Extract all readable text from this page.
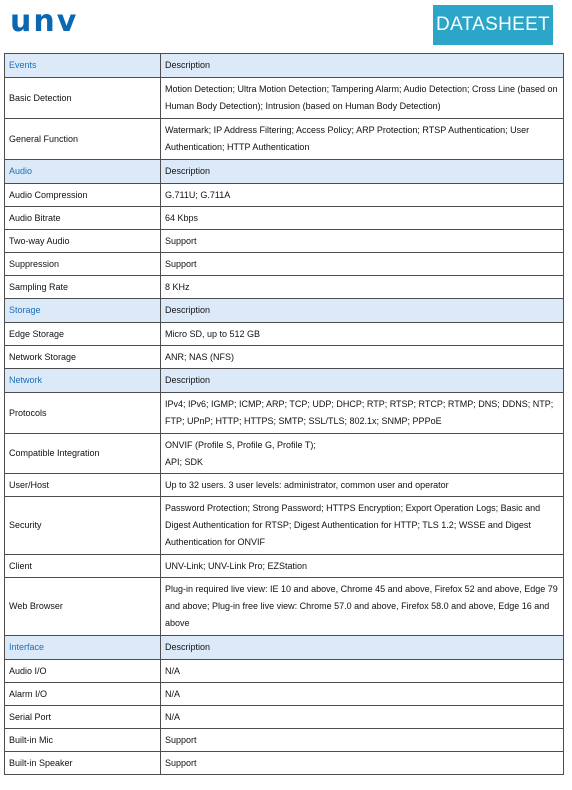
unv	DATASHEET
Events	Description
Basic Detection	Motion Detection; Ultra Motion Detection; Tampering Alarm; Audio Detection; Cross Line (based on Human Body Detection); Intrusion (based on Human Body Detection)
General Function	Watermark; IP Address Filtering; Access Policy; ARP Protection; RTSP Authentication; User Authentication; HTTP Authentication
Audio	Description
Audio Compression	G.711U; G.711A
Audio Bitrate	64 Kbps
Two-way Audio	Support
Suppression	Support
Sampling Rate	8 KHz
Storage	Description
Edge Storage	Micro SD, up to 512 GB
Network Storage	ANR; NAS (NFS)
Network	Description
Protocols	IPv4; IPv6; IGMP; ICMP; ARP; TCP; UDP; DHCP; RTP; RTSP; RTCP; RTMP; DNS; DDNS; NTP; FTP; UPnP; HTTP; HTTPS; SMTP; SSL/TLS; 802.1x; SNMP; PPPoE
Compatible Integration	ONVIF (Profile S, Profile G, Profile T);
API; SDK
User/Host	Up to 32 users. 3 user levels: administrator, common user and operator
Security	Password Protection; Strong Password; HTTPS Encryption; Export Operation Logs; Basic and Digest Authentication for RTSP; Digest Authentication for HTTP; TLS 1.2; WSSE and Digest Authentication for ONVIF
Client	UNV-Link; UNV-Link Pro; EZStation
Web Browser	Plug-in required live view: IE 10 and above, Chrome 45 and above, Firefox 52 and above, Edge 79 and above; Plug-in free live view: Chrome 57.0 and above, Firefox 58.0 and above, Edge 16 and above
Interface	Description
Audio I/O	N/A
Alarm I/O	N/A
Serial Port	N/A
Built-in Mic	Support
Built-in Speaker	Support
